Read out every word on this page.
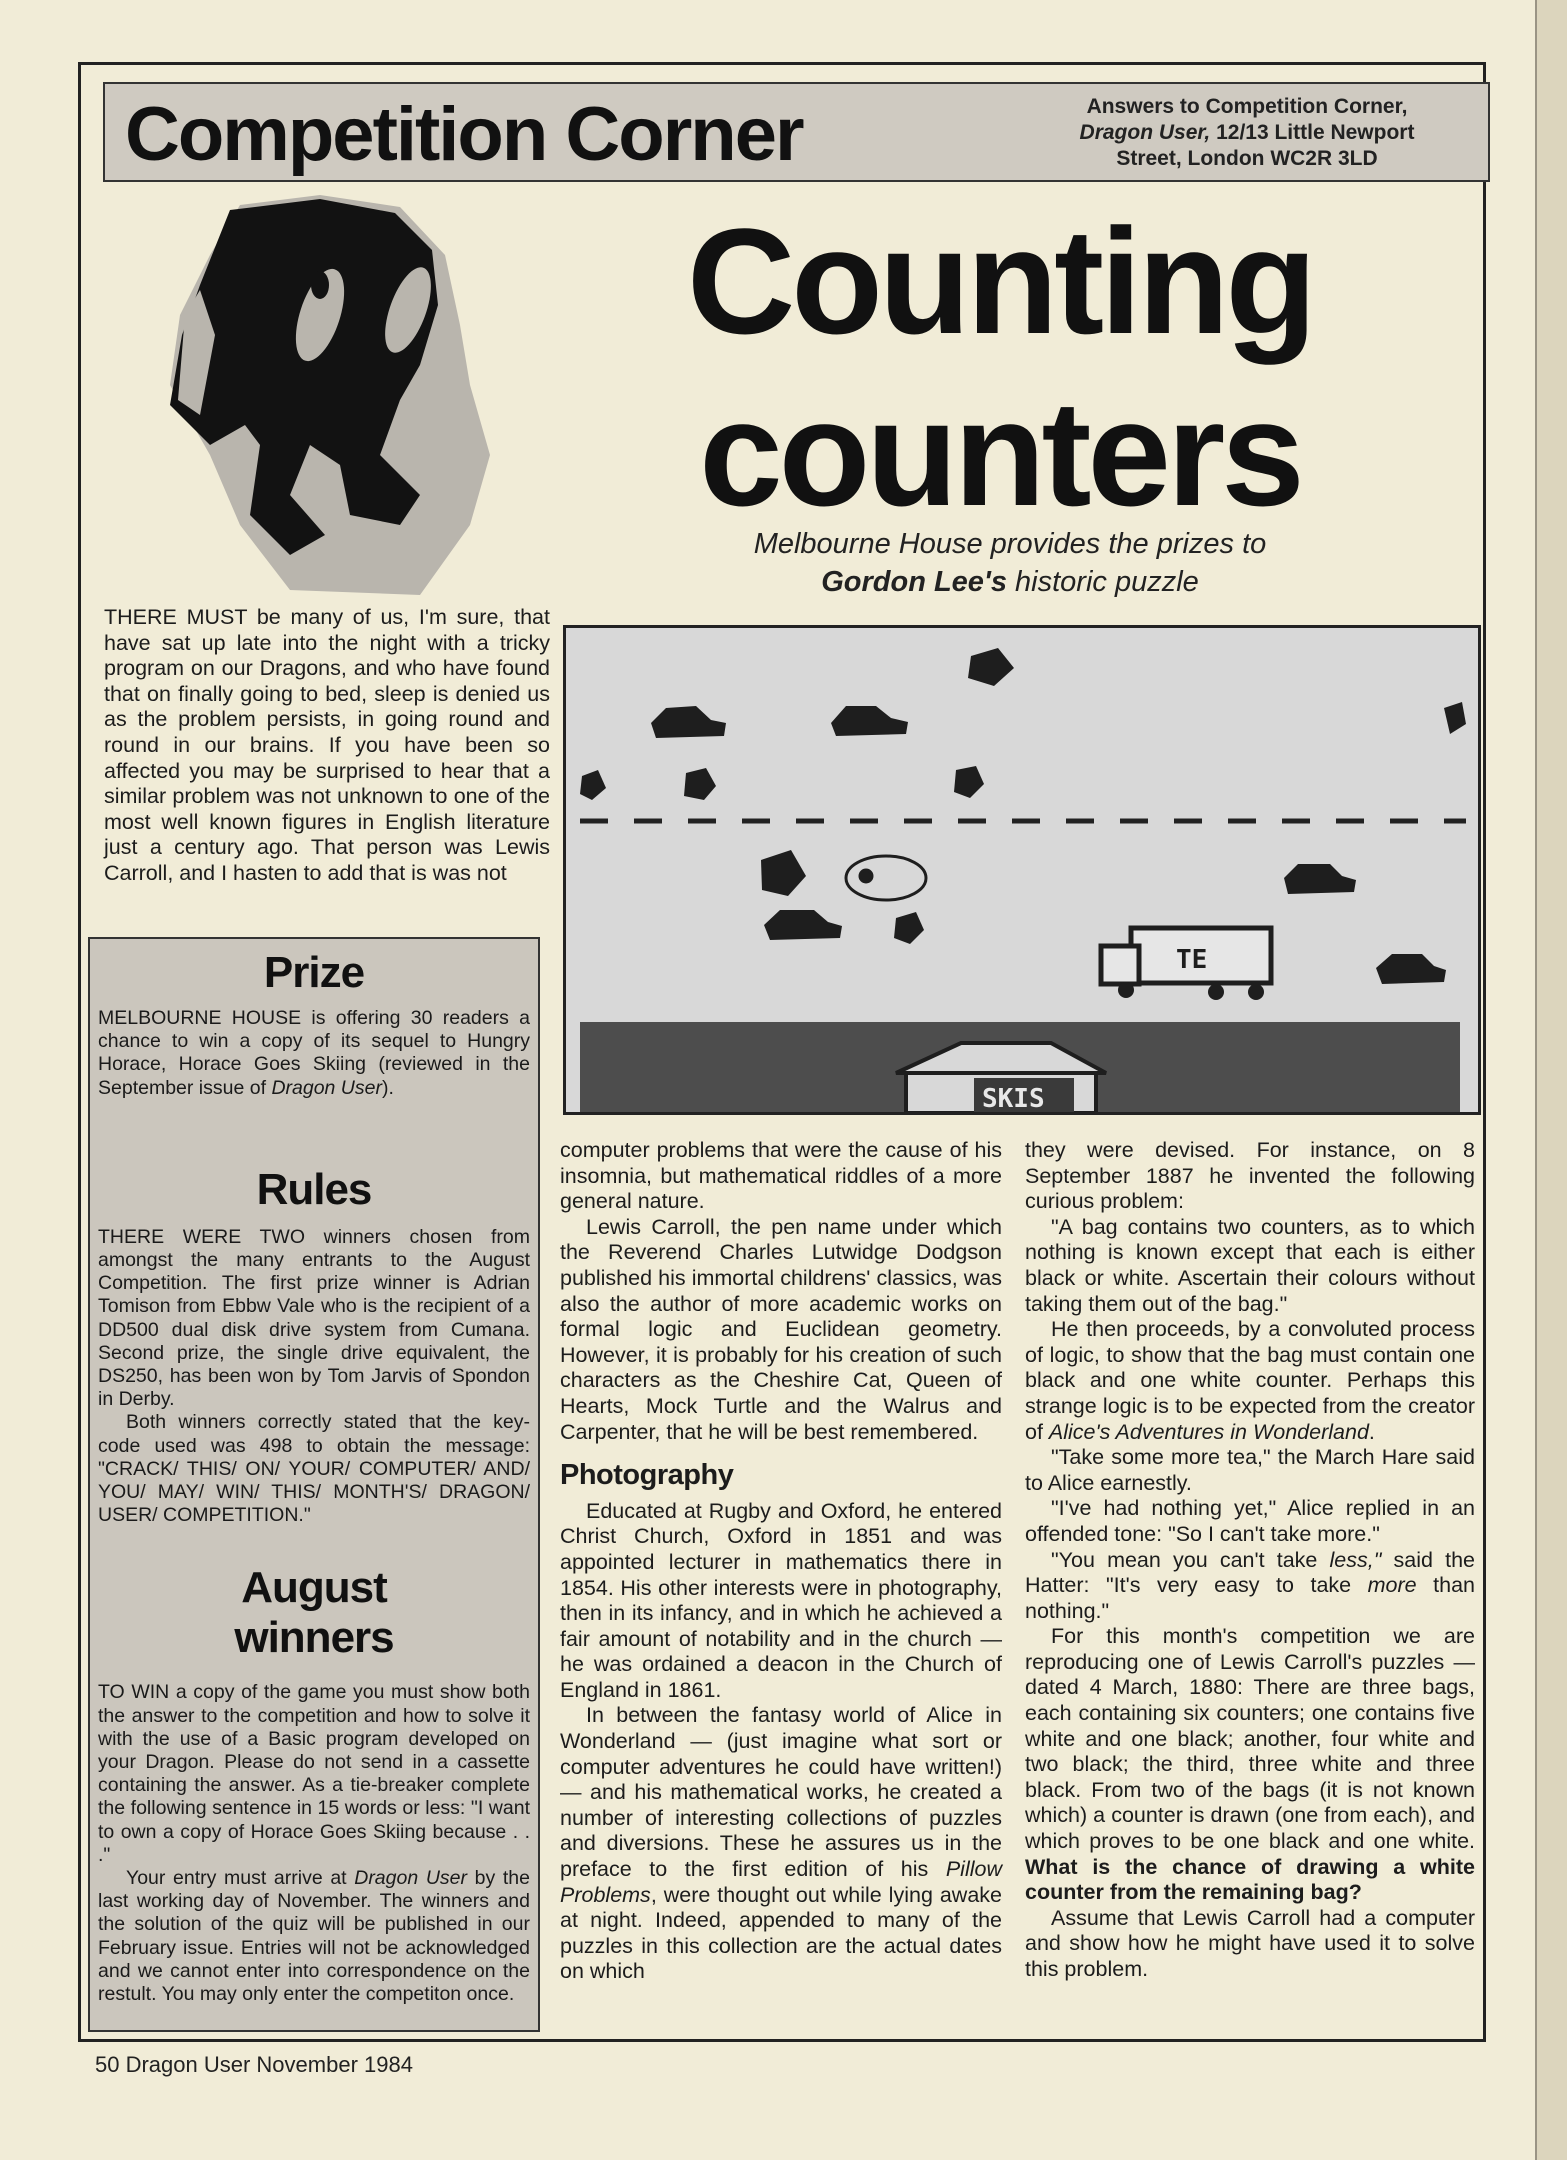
Competition Corner	Answers to Competition Corner,
Dragon User, 12/13 Little Newport
Street, London WC2R 3LD
Counting
counters
Melbourne House provides the prizes to
Gordon Lee's historic puzzle
THERE MUST be many of us, I'm sure, that have sat up late into the night with a tricky program on our Dragons, and who have found that on finally going to bed, sleep is denied us as the problem persists, in going round and round in our brains. If you have been so affected you may be surprised to hear that a similar problem was not unknown to one of the most well known figures in English literature just a century ago. That person was Lewis Carroll, and I hasten to add that is was not
Prize

MELBOURNE HOUSE is offering 30 readers a chance to win a copy of its sequel to Hungry Horace, Horace Goes Skiing (reviewed in the September issue of Dragon User).

Rules

THERE WERE TWO winners chosen from amongst the many entrants to the August Competition. The first prize winner is Adrian Tomison from Ebbw Vale who is the recipient of a DD500 dual disk drive system from Cumana. Second prize, the single drive equivalent, the DS250, has been won by Tom Jarvis of Spondon in Derby.

Both winners correctly stated that the key-code used was 498 to obtain the message: "CRACK/ THIS/ ON/ YOUR/ COMPUTER/ AND/ YOU/ MAY/ WIN/ THIS/ MONTH'S/ DRAGON/ USER/ COMPETITION."

August
winners

TO WIN a copy of the game you must show both the answer to the competition and how to solve it with the use of a Basic program developed on your Dragon. Please do not send in a cassette containing the answer. As a tie-breaker complete the following sentence in 15 words or less: "I want to own a copy of Horace Goes Skiing because . . ."

Your entry must arrive at Dragon User by the last working day of November. The winners and the solution of the quiz will be published in our February issue. Entries will not be acknowledged and we cannot enter into correspondence on the restult. You may only enter the competiton once.

TE
SKIS

computer problems that were the cause of his insomnia, but mathematical riddles of a more general nature.

Lewis Carroll, the pen name under which the Reverend Charles Lutwidge Dodgson published his immortal childrens' classics, was also the author of more academic works on formal logic and Euclidean geometry. However, it is probably for his creation of such characters as the Cheshire Cat, Queen of Hearts, Mock Turtle and the Walrus and Carpenter, that he will be best remembered.

Photography

Educated at Rugby and Oxford, he entered Christ Church, Oxford in 1851 and was appointed lecturer in mathematics there in 1854. His other interests were in photography, then in its infancy, and in which he achieved a fair amount of notability and in the church — he was ordained a deacon in the Church of England in 1861.

In between the fantasy world of Alice in Wonderland — (just imagine what sort or computer adventures he could have written!) — and his mathematical works, he created a number of interesting collections of puzzles and diversions. These he assures us in the preface to the first edition of his Pillow Problems, were thought out while lying awake at night. Indeed, appended to many of the puzzles in this collection are the actual dates on which

they were devised. For instance, on 8 September 1887 he invented the following curious problem:

"A bag contains two counters, as to which nothing is known except that each is either black or white. Ascertain their colours without taking them out of the bag."

He then proceeds, by a convoluted process of logic, to show that the bag must contain one black and one white counter. Perhaps this strange logic is to be expected from the creator of Alice's Adventures in Wonderland.

"Take some more tea," the March Hare said to Alice earnestly.

"I've had nothing yet," Alice replied in an offended tone: "So I can't take more."

"You mean you can't take less," said the Hatter: "It's very easy to take more than nothing."

For this month's competition we are reproducing one of Lewis Carroll's puzzles — dated 4 March, 1880: There are three bags, each containing six counters; one contains five white and one black; another, four white and two black; the third, three white and three black. From two of the bags (it is not known which) a counter is drawn (one from each), and which proves to be one black and one white. What is the chance of drawing a white counter from the remaining bag?

Assume that Lewis Carroll had a computer and show how he might have used it to solve this problem.

50 Dragon User November 1984
